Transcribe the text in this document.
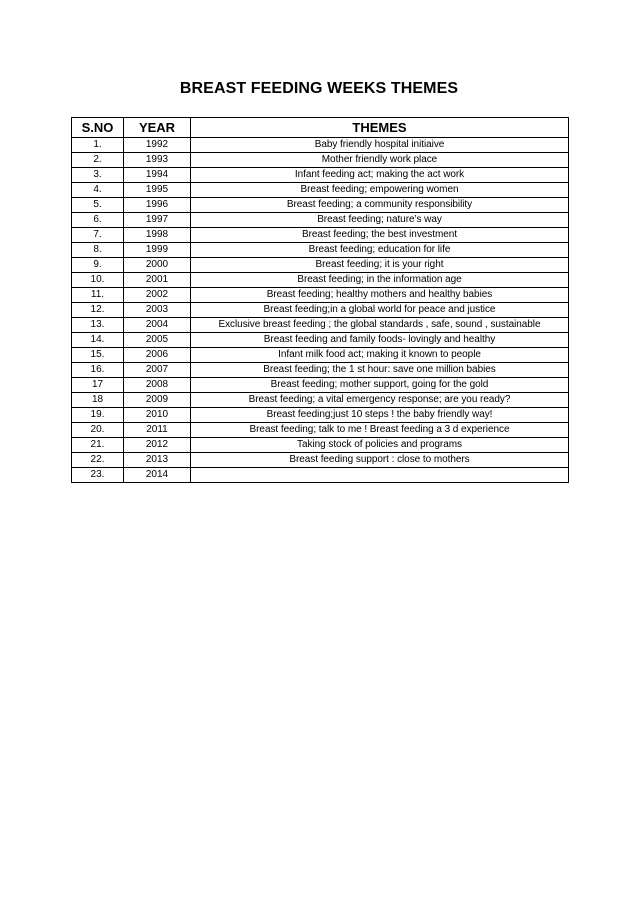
BREAST FEEDING WEEKS THEMES
S.NO	YEAR	THEMES
1.	1992	Baby friendly hospital initiaive
2.	1993	Mother friendly work place
3.	1994	Infant feeding act; making the act work
4.	1995	Breast feeding; empowering women
5.	1996	Breast feeding; a community responsibility
6.	1997	Breast feeding; nature’s way
7.	1998	Breast feeding; the best investment
8.	1999	Breast feeding; education for life
9.	2000	Breast feeding; it is your right
10.	2001	Breast feeding; in the information age
11.	2002	Breast feeding; healthy mothers and healthy babies
12.	2003	Breast feeding;in a global world for peace and justice
13.	2004	Exclusive breast feeding ; the global standards , safe, sound , sustainable
14.	2005	Breast feeding and family foods- lovingly and healthy
15.	2006	Infant milk food act; making it known to people
16.	2007	Breast feeding; the 1 st hour: save one million babies
17	2008	Breast feeding; mother support, going for the gold
18	2009	Breast feeding; a vital emergency response; are you ready?
19.	2010	Breast feeding;just 10 steps ! the baby friendly way!
20.	2011	Breast feeding; talk to me ! Breast feeding a 3 d experience
21.	2012	Taking stock of policies and programs
22.	2013	Breast feeding support : close to mothers
23.	2014	
